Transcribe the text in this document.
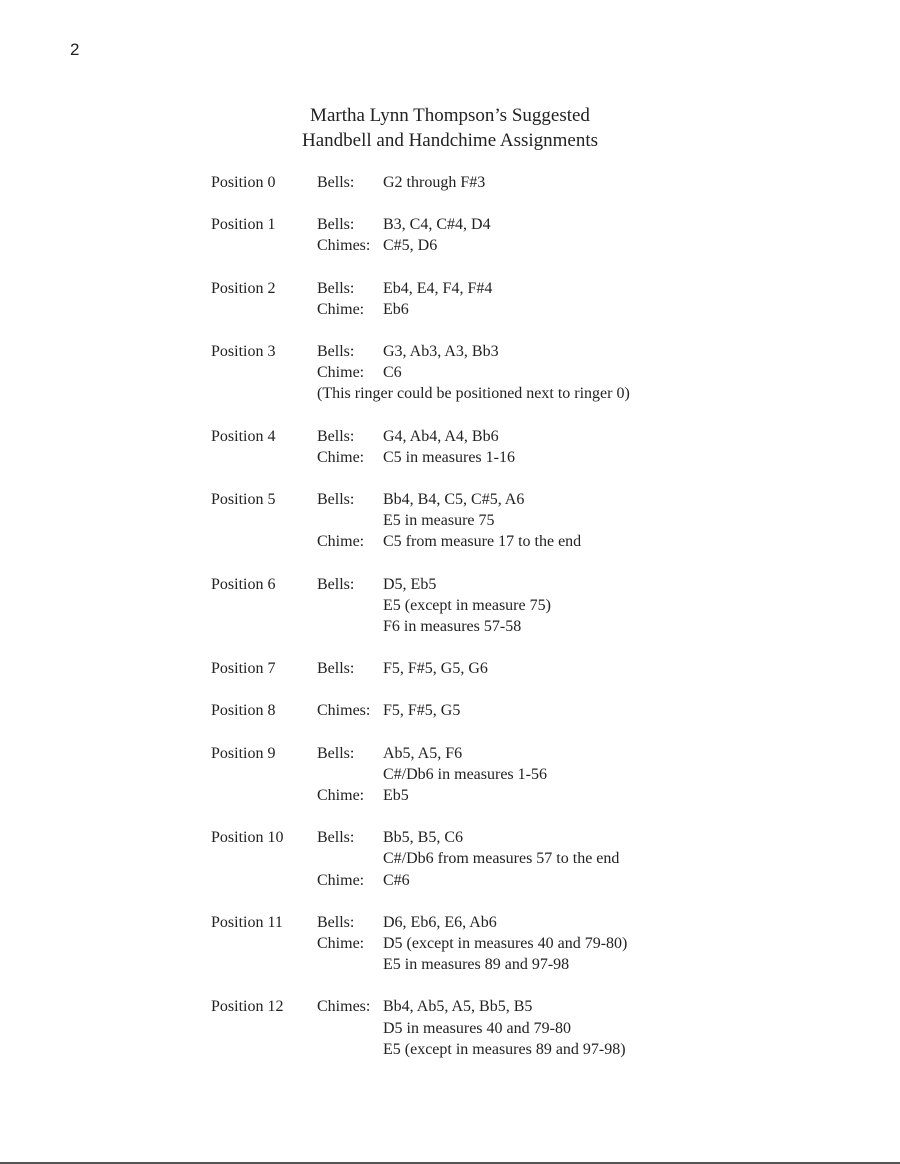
2
Martha Lynn Thompson’s Suggested
Handbell and Handchime Assignments
Position 0	Bells: G2 through F#3
Position 1	Bells: B3, C4, C#4, D4
Chimes: C#5, D6
Position 2	Bells: Eb4, E4, F4, F#4
Chime: Eb6
Position 3	Bells: G3, Ab3, A3, Bb3
Chime: C6
(This ringer could be positioned next to ringer 0)
Position 4	Bells: G4, Ab4, A4, Bb6
Chime: C5 in measures 1-16
Position 5	Bells: Bb4, B4, C5, C#5, A6
E5 in measure 75
Chime: C5 from measure 17 to the end
Position 6	Bells: D5, Eb5
E5 (except in measure 75)
F6 in measures 57-58
Position 7	Bells: F5, F#5, G5, G6
Position 8	Chimes: F5, F#5, G5
Position 9	Bells: Ab5, A5, F6
C#/Db6 in measures 1-56
Chime: Eb5
Position 10 Bells: Bb5, B5, C6
C#/Db6 from measures 57 to the end
Chime: C#6
Position 11 Bells: D6, Eb6, E6, Ab6
Chime: D5 (except in measures 40 and 79-80)
E5 in measures 89 and 97-98
Position 12 Chimes: Bb4, Ab5, A5, Bb5, B5
D5 in measures 40 and 79-80
E5 (except in measures 89 and 97-98)
